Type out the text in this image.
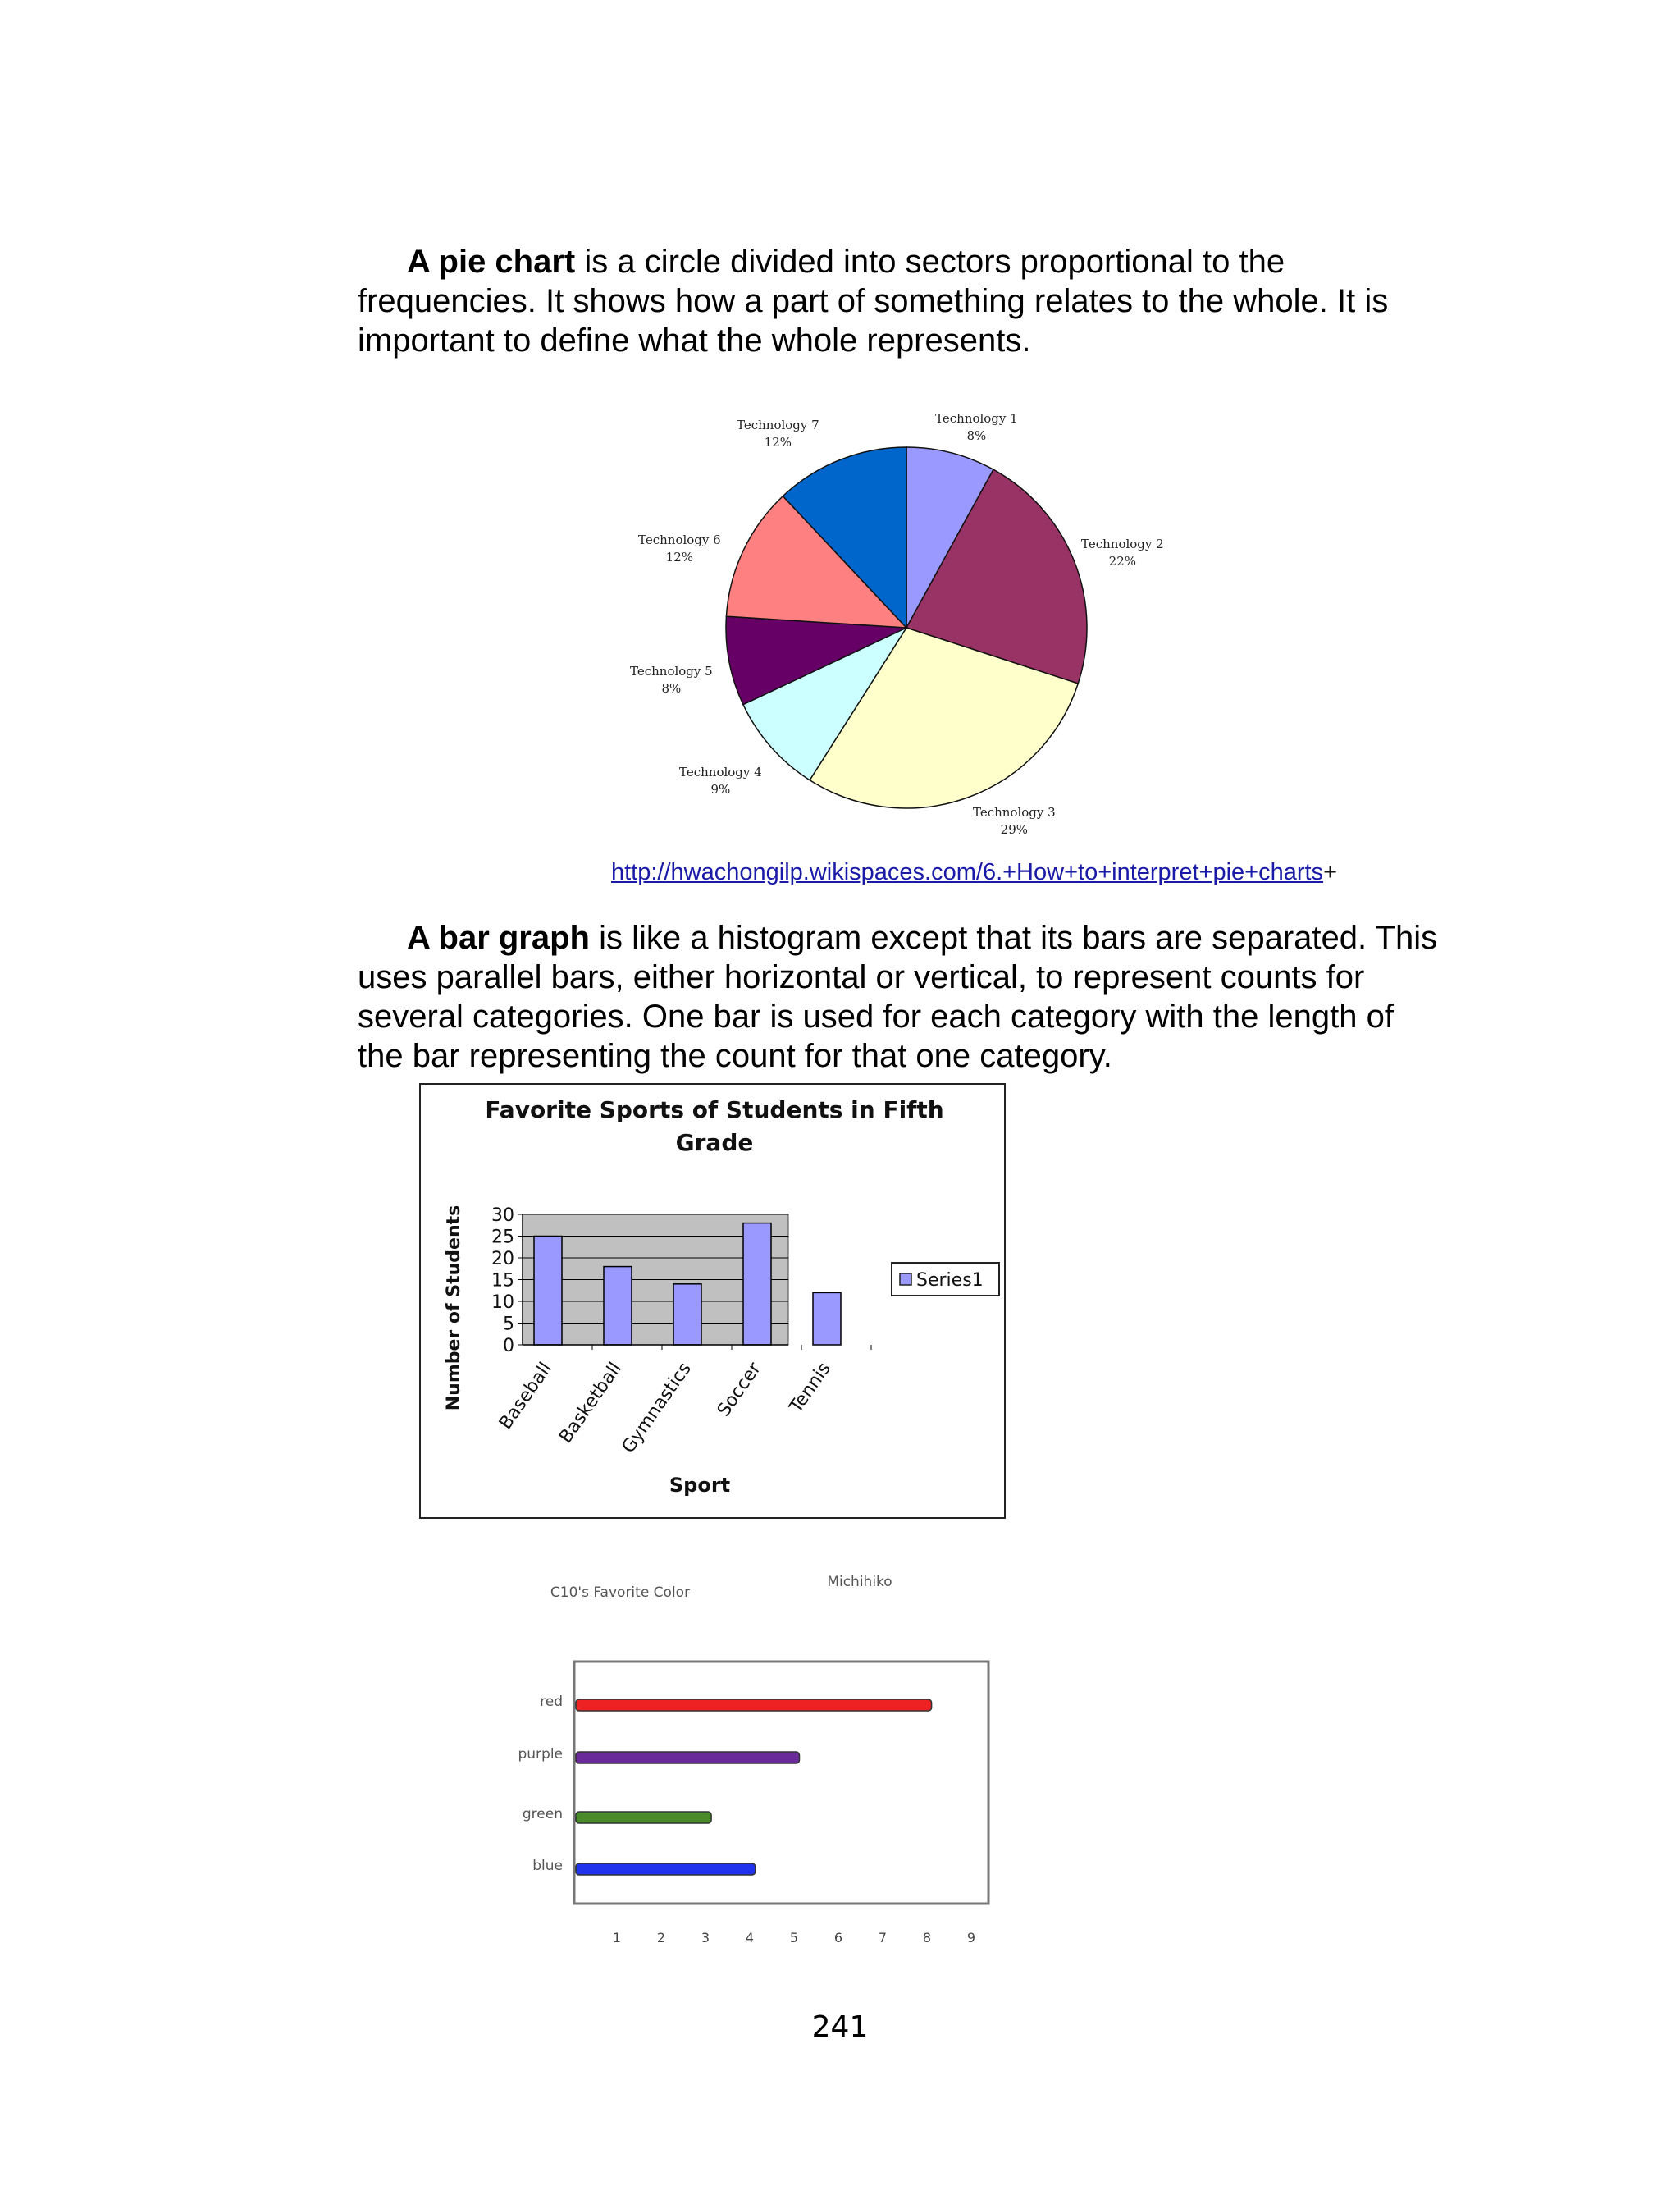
A pie chart is a circle divided into sectors proportional to the
frequencies. It shows how a part of something relates to the whole. It is
important to define what the whole represents.

Technology 1
8%
Technology 2
22%
Technology 3
29%
Technology 4
9%
Technology 5
8%
Technology 6
12%
Technology 7
12%
http://hwachongilp.wikispaces.com/6.+How+to+interpret+pie+charts+

A bar graph is like a histogram except that its bars are separated. This
uses parallel bars, either horizontal or vertical, to represent counts for
several categories. One bar is used for each category with the length of
the bar representing the count for that one category.

Favorite Sports of Students in Fifth
Grade
Number of Students
Sport
30
25
20
15
10
5
0
Baseball Basketball
Gymnastics Soccer Tennis
Series1
C10's Favorite Color
Michihiko
red
purple
green
blue
1	2	3	4	5	6	7	8	9
241
